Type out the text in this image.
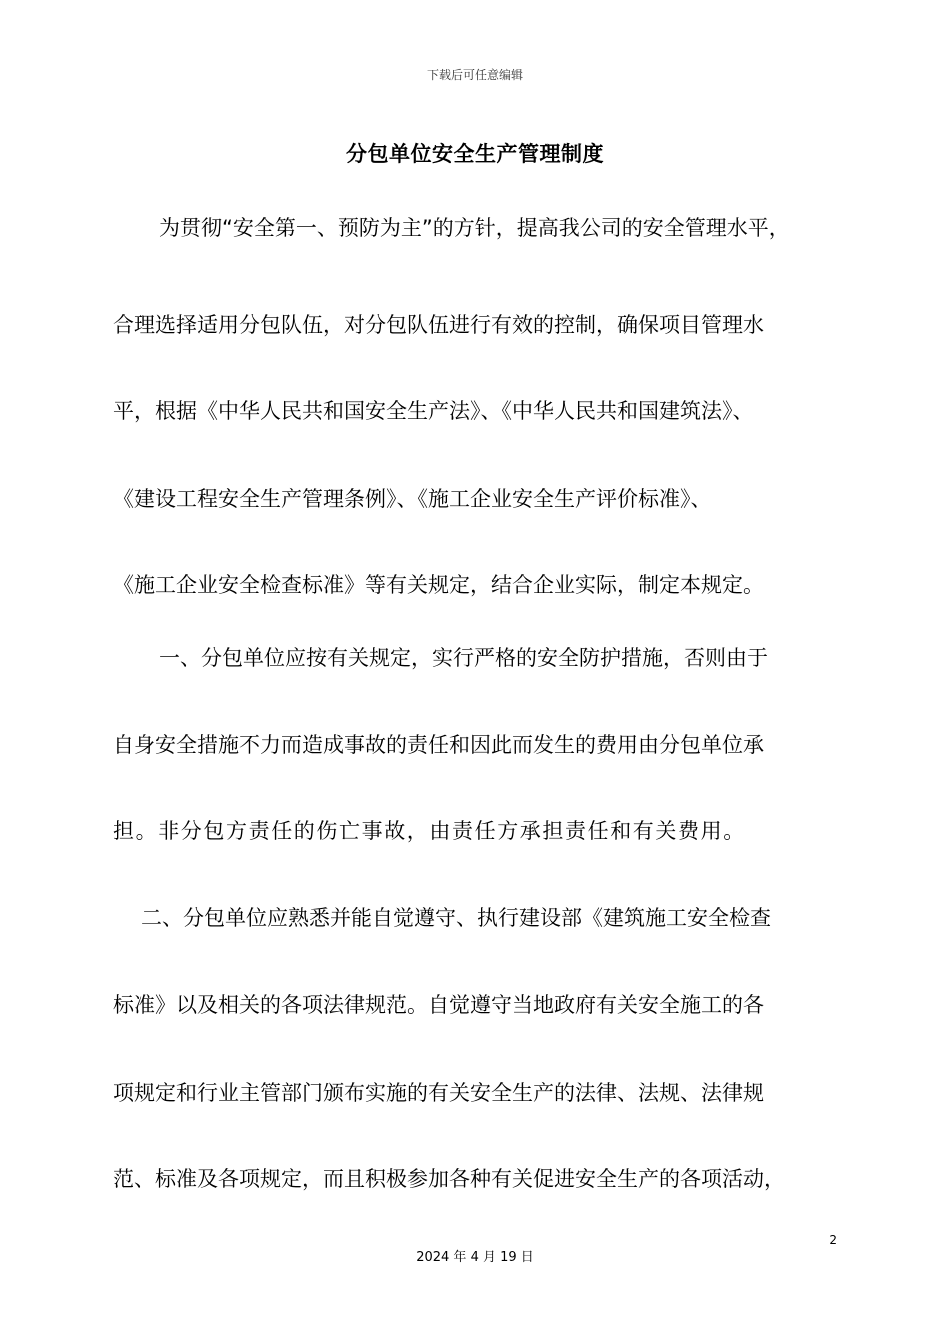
下载后可任意编辑
分包单位安全生产管理制度
为贯彻“安全第一、预防为主”的方针，提高我公司的安全管理水平，
合理选择适用分包队伍，对分包队伍进行有效的控制，确保项目管理水
平，根据《中华人民共和国安全生产法》、《中华人民共和国建筑法》、
《建设工程安全生产管理条例》、《施工企业安全生产评价标准》、
《施工企业安全检查标准》等有关规定，结合企业实际，制定本规定。
一、分包单位应按有关规定，实行严格的安全防护措施，否则由于
自身安全措施不力而造成事故的责任和因此而发生的费用由分包单位承
担。非分包方责任的伤亡事故，由责任方承担责任和有关费用。
二、分包单位应熟悉并能自觉遵守、执行建设部《建筑施工安全检查
标准》以及相关的各项法律规范。自觉遵守当地政府有关安全施工的各
项规定和行业主管部门颁布实施的有关安全生产的法律、法规、法律规
范、标准及各项规定，而且积极参加各种有关促进安全生产的各项活动，
2
2024 年 4 月 19 日
